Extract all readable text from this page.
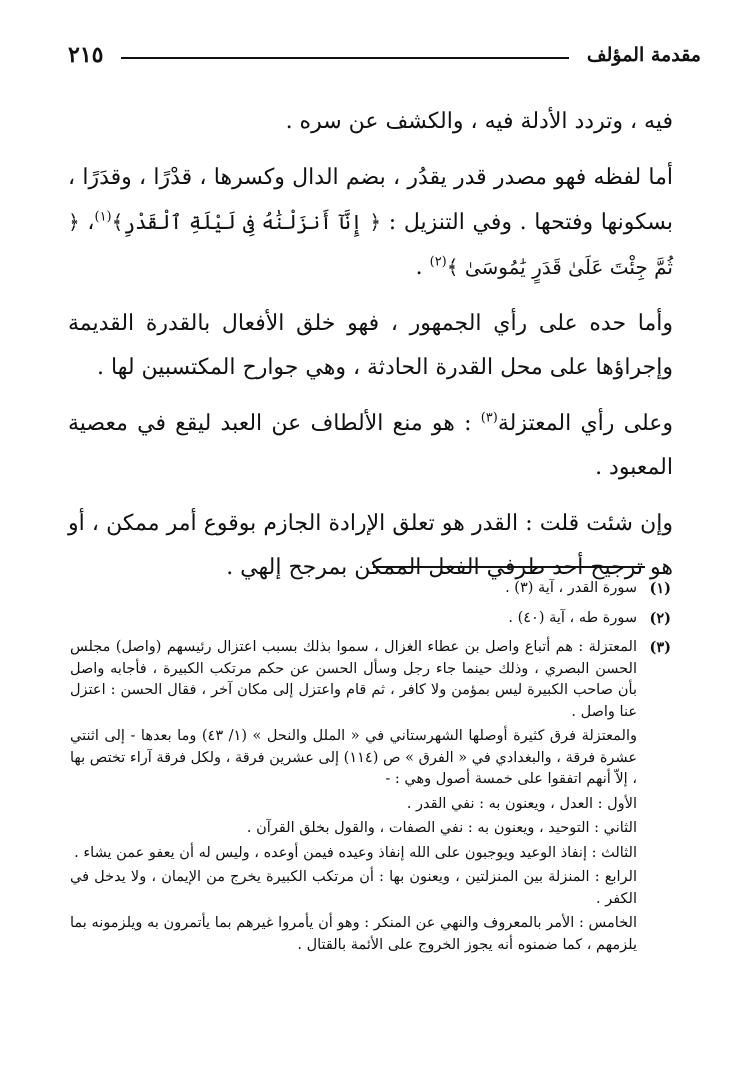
مقدمة المؤلف
٢١٥

فيه ، وتردد الأدلة فيه ، والكشف عن سره .

أما لفظه فهو مصدر قدر يقدُر ، بضم الدال وكسرها ، قدْرًا ، وقدَرًا ، بسكونها وفتحها . وفي التنزيل : ﴿ إِنَّآ أَنزَلْنَٰهُ فِى لَيْلَةِ ٱلْقَدْرِ﴾$^{(١)}$، ﴿ ثُمَّ جِئْتَ عَلَىٰ قَدَرٍ يَٰمُوسَىٰ ﴾$^{(٢)}$ .

وأما حده على رأي الجمهور ، فهو خلق الأفعال بالقدرة القديمة وإجراؤها على محل القدرة الحادثة ، وهي جوارح المكتسبين لها .

وعلى رأي المعتزلة$^{(٣)}$ : هو منع الألطاف عن العبد ليقع في معصية المعبود .

وإن شئت قلت : القدر هو تعلق الإرادة الجازم بوقوع أمر ممكن ، أو هو ترجيح أحد طرفي الفعل الممكن بمرجح إلهي .

(١)

سورة القدر ، آية (٣) .

(٢)

سورة طه ، آية (٤٠) .

(٣)

المعتزلة : هم أتباع واصل بن عطاء الغزال ، سموا بذلك بسبب اعتزال رئيسهم (واصل) مجلس الحسن البصري ، وذلك حينما جاء رجل وسأل الحسن عن حكم مرتكب الكبيرة ، فأجابه واصل بأن صاحب الكبيرة ليس بمؤمن ولا كافر ، ثم قام واعتزل إلى مكان آخر ، فقال الحسن : اعتزل عنا واصل .

والمعتزلة فرق كثيرة أوصلها الشهرستاني في « الملل والنحل » (١/ ٤٣) وما بعدها - إلى اثنتي عشرة فرقة ، والبغدادي في « الفرق » ص (١١٤) إلى عشرين فرقة ، ولكل فرقة آراء تختص بها ، إلاّ أنهم اتفقوا على خمسة أصول وهي : -

الأول : العدل ، ويعنون به : نفي القدر .

الثاني : التوحيد ، ويعنون به : نفي الصفات ، والقول بخلق القرآن .

الثالث : إنفاذ الوعيد ويوجبون على الله إنفاذ وعيده فيمن أوعده ، وليس له أن يعفو عمن يشاء .

الرابع : المنزلة بين المنزلتين ، ويعنون بها : أن مرتكب الكبيرة يخرج من الإيمان ، ولا يدخل في الكفر .

الخامس : الأمر بالمعروف والنهي عن المنكر : وهو أن يأمروا غيرهم بما يأتمرون به ويلزمونه بما يلزمهم ، كما ضمنوه أنه يجوز الخروج على الأئمة بالقتال .
